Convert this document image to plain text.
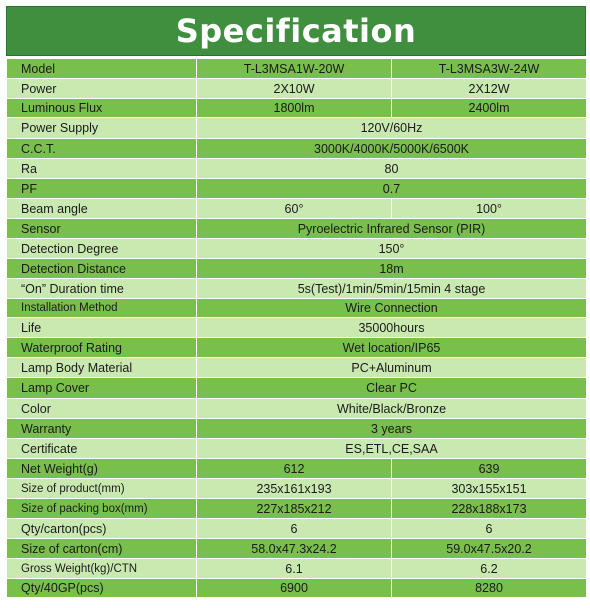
Specification
Model	T-L3MSA1W-20W	T-L3MSA3W-24W
Power	2X10W	2X12W
Luminous Flux	1800lm	2400lm
Power Supply	120V/60Hz	
C.C.T.	3000K/4000K/5000K/6500K	
Ra	80	
PF	0.7	
Beam angle	60°	100°
Sensor	Pyroelectric Infrared Sensor (PIR)	
Detection Degree	150°	
Detection Distance	18m	
“On” Duration time	5s(Test)/1min/5min/15min 4 stage	
Installation Method	Wire Connection	
Life	35000hours	
Waterproof Rating	Wet location/IP65	
Lamp Body Material	PC+Aluminum	
Lamp Cover	Clear PC	
Color	White/Black/Bronze	
Warranty	3 years	
Certificate	ES,ETL,CE,SAA	
Net Weight(g)	612	639
Size of product(mm)	235x161x193	303x155x151
Size of packing box(mm)	227x185x212	228x188x173
Qty/carton(pcs)	6	6
Size of carton(cm)	58.0x47.3x24.2	59.0x47.5x20.2
Gross Weight(kg)/CTN	6.1	6.2
Qty/40GP(pcs)	6900	8280
